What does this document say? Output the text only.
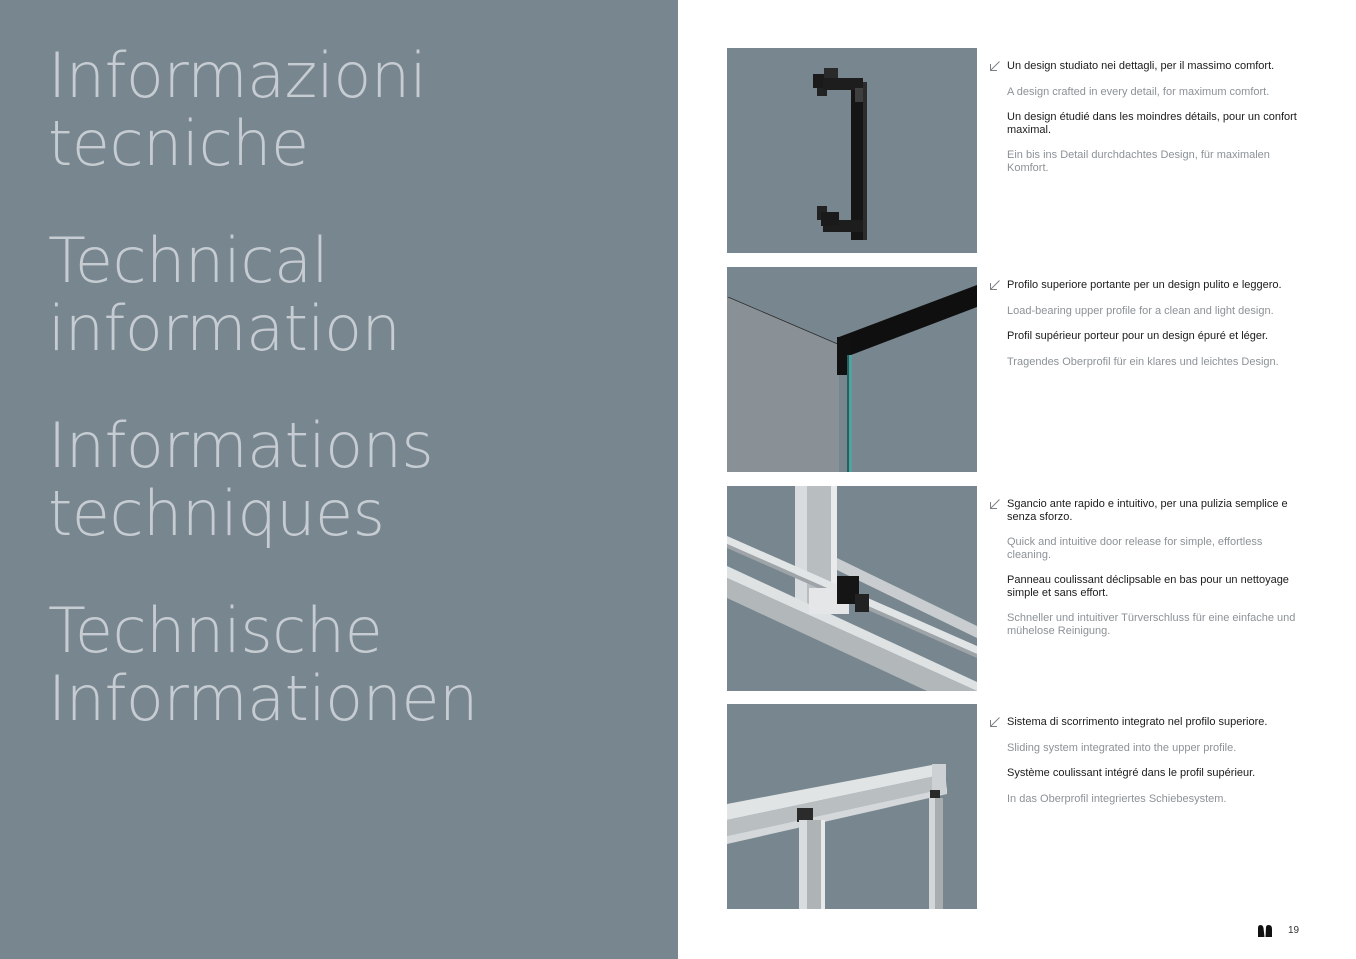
Informazioni
tecniche
Technical
information
Informations
techniques
Technische
Informationen

Un design studiato nei dettagli, per il massimo comfort.

A design crafted in every detail, for maximum comfort.

Un design étudié dans les moindres détails, pour un confort maximal.

Ein bis ins Detail durchdachtes Design, für maximalen Komfort.

Profilo superiore portante per un design pulito e leggero.

Load-bearing upper profile for a clean and light design.

Profil supérieur porteur pour un design épuré et léger.

Tragendes Oberprofil für ein klares und leichtes Design.

Sgancio ante rapido e intuitivo, per una pulizia semplice e senza sforzo.

Quick and intuitive door release for simple, effortless cleaning.

Panneau coulissant déclipsable en bas pour un nettoyage simple et sans effort.

Schneller und intuitiver Türverschluss für eine einfache und mühelose Reinigung.

Sistema di scorrimento integrato nel profilo superiore.

Sliding system integrated into the upper profile.

Système coulissant intégré dans le profil supérieur.

In das Oberprofil integriertes Schiebesystem.

19
